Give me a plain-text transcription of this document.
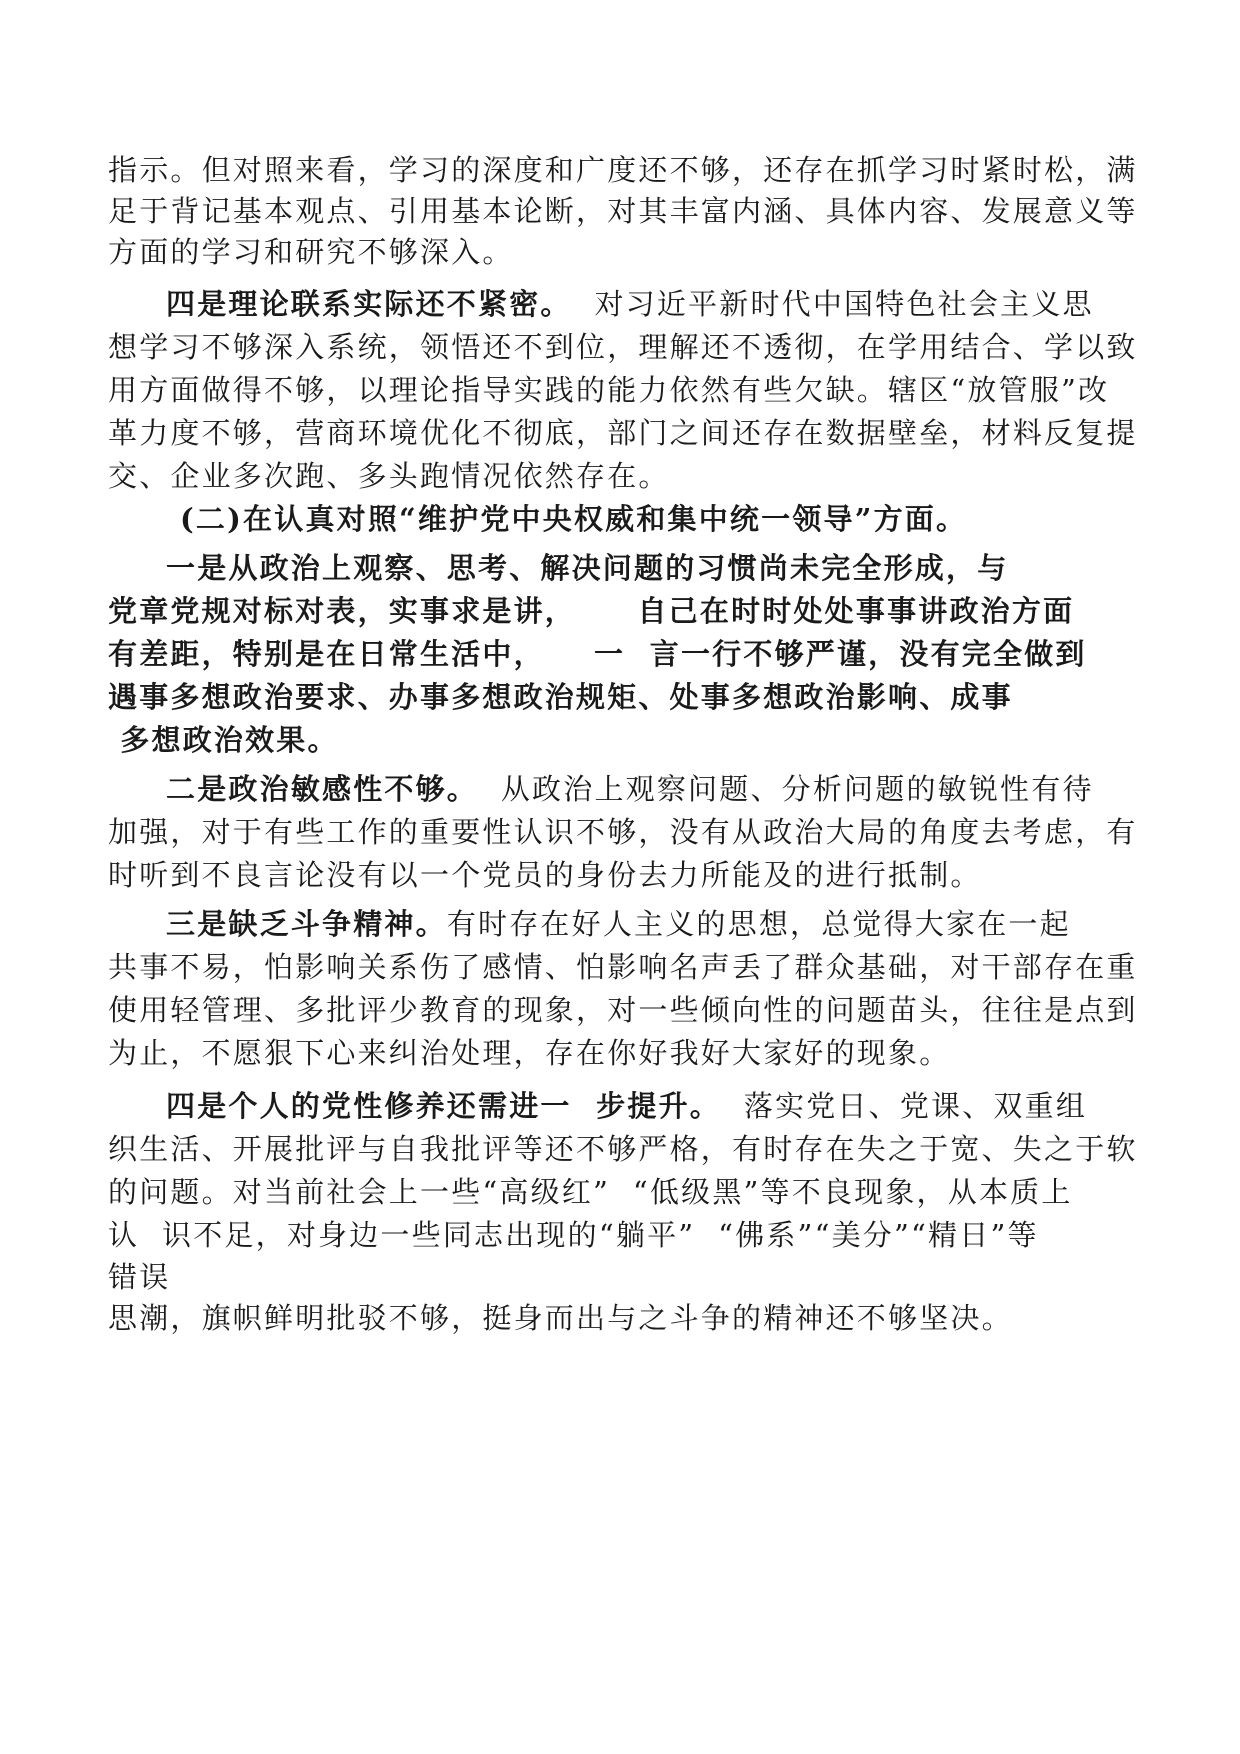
指示。但对照来看，学习的深度和广度还不够，还存在抓学习时紧时松，满
足于背记基本观点、引用基本论断，对其丰富内涵、具体内容、发展意义等
方面的学习和研究不够深入。
四是理论联系实际还不紧密。  对习近平新时代中国特色社会主义思
想学习不够深入系统，领悟还不到位，理解还不透彻，在学用结合、学以致
用方面做得不够，以理论指导实践的能力依然有些欠缺。辖区“放管服”改
革力度不够，营商环境优化不彻底，部门之间还存在数据壁垒，材料反复提
交、企业多次跑、多头跑情况依然存在。
(二)在认真对照“维护党中央权威和集中统一领导”方面。
一是从政治上观察、思考、解决问题的习惯尚未完全形成，与
党章党规对标对表，实事求是讲，     自己在时时处处事事讲政治方面
有差距，特别是在日常生活中，    一  言一行不够严谨，没有完全做到
遇事多想政治要求、办事多想政治规矩、处事多想政治影响、成事
多想政治效果。
二是政治敏感性不够。  从政治上观察问题、分析问题的敏锐性有待
加强，对于有些工作的重要性认识不够，没有从政治大局的角度去考虑，有
时听到不良言论没有以一个党员的身份去力所能及的进行抵制。
三是缺乏斗争精神。有时存在好人主义的思想，总觉得大家在一起
共事不易，怕影响关系伤了感情、怕影响名声丢了群众基础，对干部存在重
使用轻管理、多批评少教育的现象，对一些倾向性的问题苗头，往往是点到
为止，不愿狠下心来纠治处理，存在你好我好大家好的现象。
四是个人的党性修养还需进一  步提升。  落实党日、党课、双重组
织生活、开展批评与自我批评等还不够严格，有时存在失之于宽、失之于软
的问题。对当前社会上一些“高级红”  “低级黑”等不良现象，从本质上
认  识不足，对身边一些同志出现的“躺平”  “佛系”“美分”“精日”等
错误
思潮，旗帜鲜明批驳不够，挺身而出与之斗争的精神还不够坚决。
